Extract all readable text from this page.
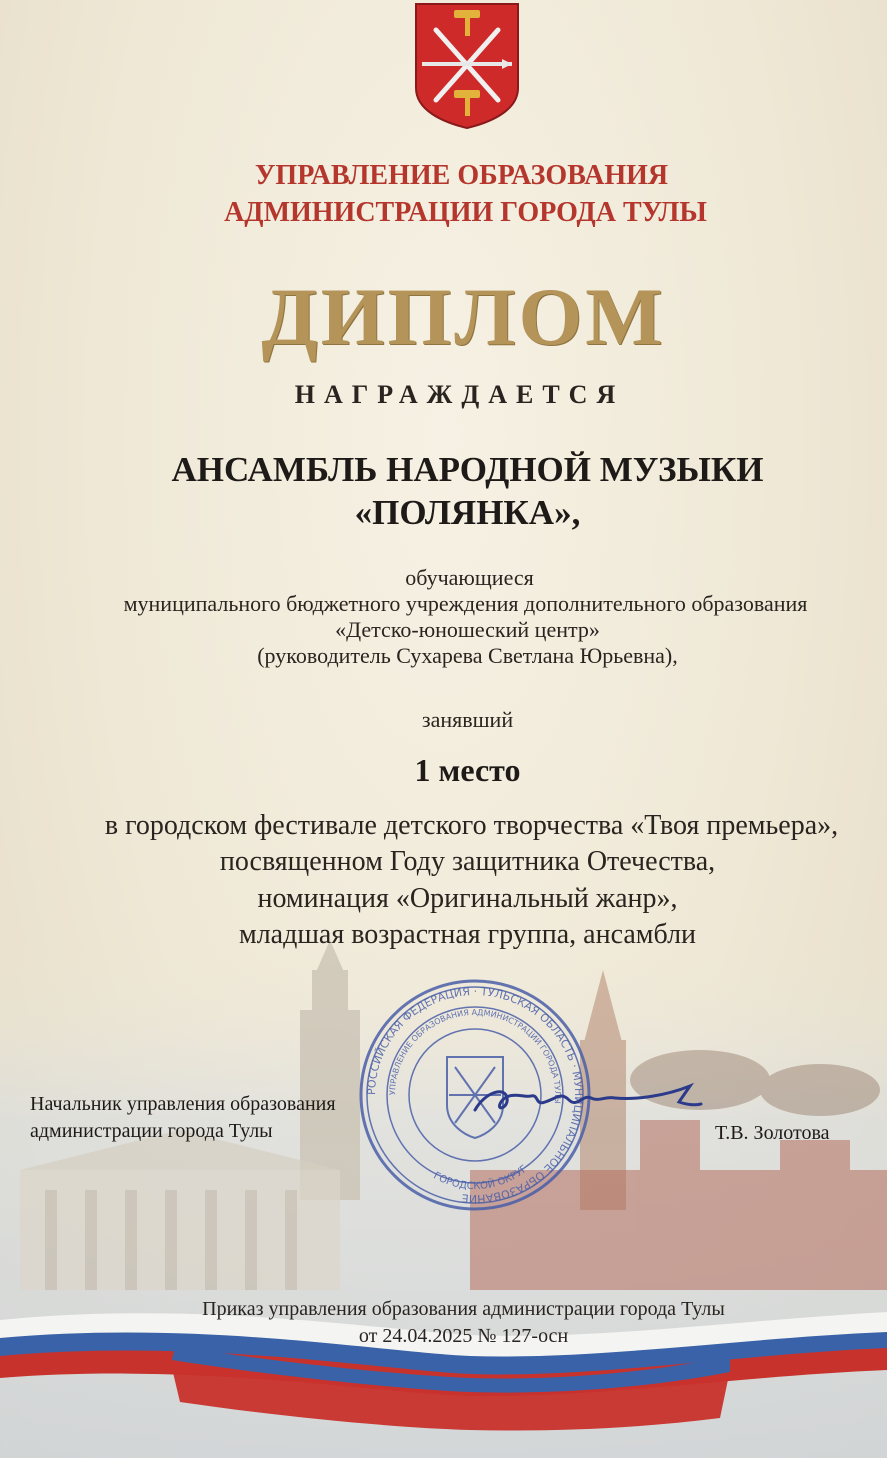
УПРАВЛЕНИЕ ОБРАЗОВАНИЯ
АДМИНИСТРАЦИИ ГОРОДА ТУЛЫ
ДИПЛОМ
НАГРАЖДАЕТСЯ
АНСАМБЛЬ НАРОДНОЙ МУЗЫКИ
«ПОЛЯНКА»,
обучающиеся
муниципального бюджетного учреждения дополнительного образования
«Детско-юношеский центр»
(руководитель Сухарева Светлана Юрьевна),
занявший
1 место
в городском фестивале детского творчества «Твоя премьера»,
посвященном Году защитника Отечества,
номинация «Оригинальный жанр»,
младшая возрастная группа, ансамбли
РОССИЙСКАЯ ФЕДЕРАЦИЯ · ТУЛЬСКАЯ ОБЛАСТЬ · МУНИЦИПАЛЬНОЕ ОБРАЗОВАНИЕ
УПРАВЛЕНИЕ ОБРАЗОВАНИЯ АДМИНИСТРАЦИИ ГОРОДА ТУЛЫ
ГОРОДСКОЙ ОКРУГ
Начальник управления образования
администрации города Тулы	Т.В. Золотова
Приказ управления образования администрации города Тулы
от 24.04.2025 № 127-осн
